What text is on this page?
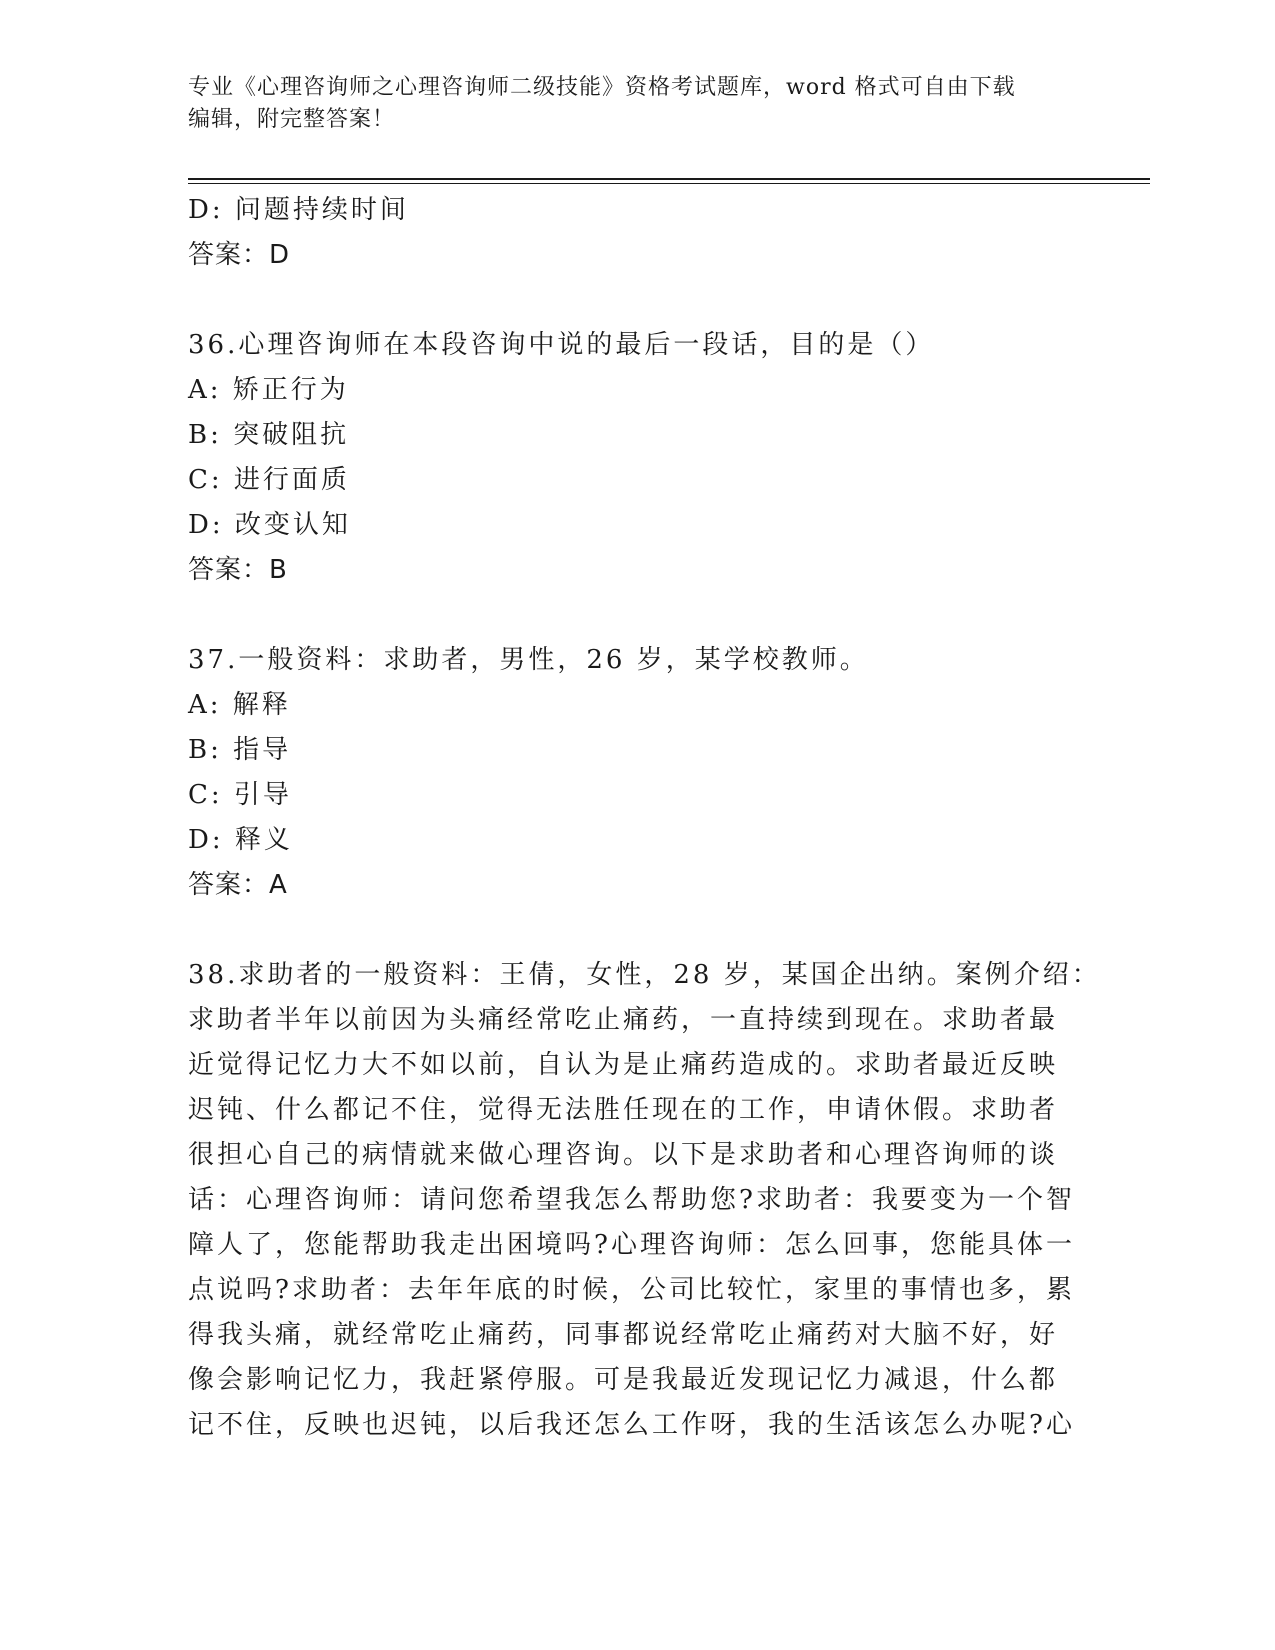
专业《心理咨询师之心理咨询师二级技能》资格考试题库，word 格式可自由下载
编辑，附完整答案！
D: 问题持续时间
答案：D
36.心理咨询师在本段咨询中说的最后一段话，目的是（）
A: 矫正行为
B: 突破阻抗
C: 进行面质
D: 改变认知
答案：B
37.一般资料：求助者，男性，26 岁，某学校教师。
A: 解释
B: 指导
C: 引导
D: 释义
答案：A
38.求助者的一般资料：王倩，女性，28 岁，某国企出纳。案例介绍：
求助者半年以前因为头痛经常吃止痛药，一直持续到现在。求助者最
近觉得记忆力大不如以前，自认为是止痛药造成的。求助者最近反映
迟钝、什么都记不住，觉得无法胜任现在的工作，申请休假。求助者
很担心自己的病情就来做心理咨询。以下是求助者和心理咨询师的谈
话：心理咨询师：请问您希望我怎么帮助您?求助者：我要变为一个智
障人了，您能帮助我走出困境吗?心理咨询师：怎么回事，您能具体一
点说吗?求助者：去年年底的时候，公司比较忙，家里的事情也多，累
得我头痛，就经常吃止痛药，同事都说经常吃止痛药对大脑不好，好
像会影响记忆力，我赶紧停服。可是我最近发现记忆力减退，什么都
记不住，反映也迟钝，以后我还怎么工作呀，我的生活该怎么办呢?心
